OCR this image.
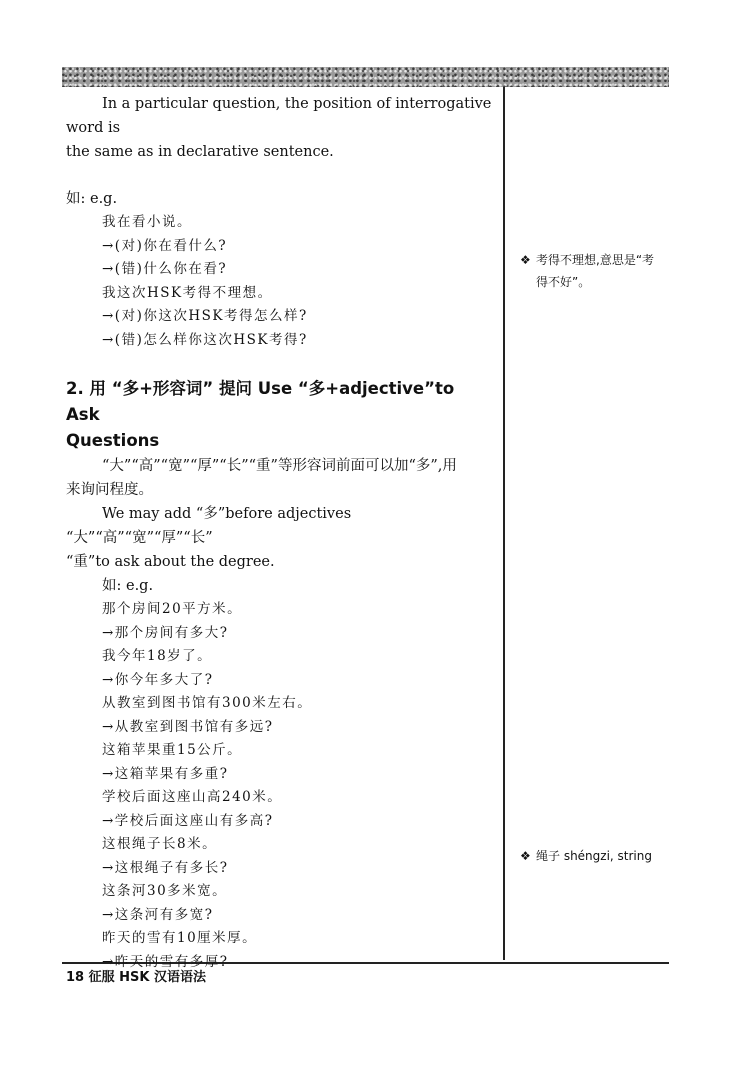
In a particular question, the position of interrogative word is

the same as in declarative sentence.

如: e.g.

我在看小说。
→(对)你在看什么?
→(错)什么你在看?
我这次HSK考得不理想。
→(对)你这次HSK考得怎么样?
→(错)怎么样你这次HSK考得?

2. 用 “多+形容词” 提问 Use “多+adjective”to Ask

Questions

“大”“高”“宽”“厚”“长”“重”等形容词前面可以加“多”,用

来询问程度。

We may add “多”before adjectives “大”“高”“宽”“厚”“长”

“重”to ask about the degree.

如: e.g.

那个房间20平方米。
→那个房间有多大?
我今年18岁了。
→你今年多大了?
从教室到图书馆有300米左右。
→从教室到图书馆有多远?
这箱苹果重15公斤。
→这箱苹果有多重?
学校后面这座山高240米。
→学校后面这座山有多高?
这根绳子长8米。
→这根绳子有多长?
这条河30多米宽。
→这条河有多宽?
昨天的雪有10厘米厚。
→昨天的雪有多厚?
❖ 考得不理想,意思是“考
得不好”。
❖ 绳子 shéngzi, string
18 征服 HSK 汉语语法
